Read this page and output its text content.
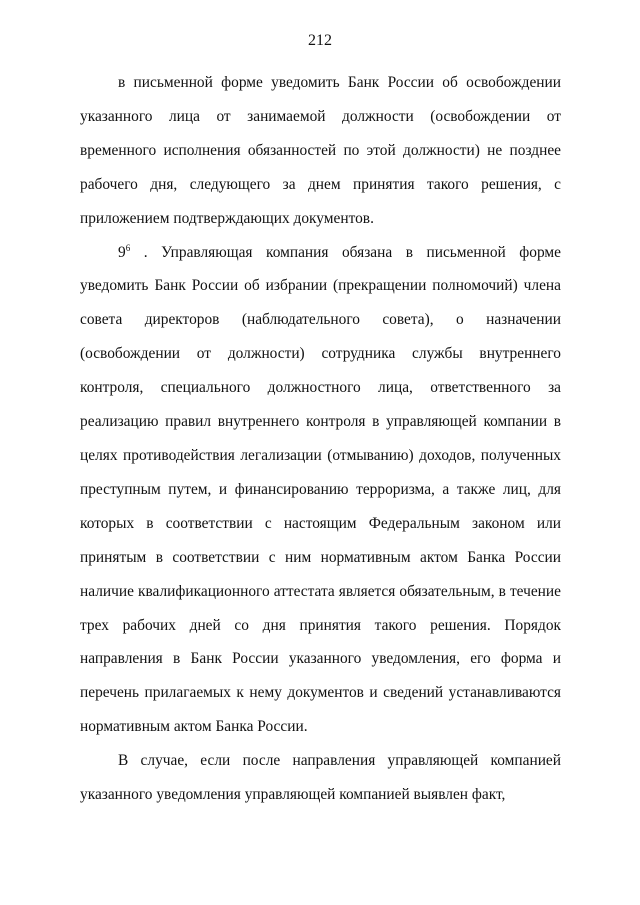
212

в письменной форме уведомить Банк России об освобождении указанного лица от занимаемой должности (освобождении от временного исполнения обязанностей по этой должности) не позднее рабочего дня, следующего за днем принятия такого решения, с приложением подтверждающих документов.

$9^6$ . Управляющая компания обязана в письменной форме уведомить Банк России об избрании (прекращении полномочий) члена совета директоров (наблюдательного совета), о назначении (освобождении от должности) сотрудника службы внутреннего контроля, специального должностного лица, ответственного за реализацию правил внутреннего контроля в управляющей компании в целях противодействия легализации (отмыванию) доходов, полученных преступным путем, и финансированию терроризма, а также лиц, для которых в соответствии с настоящим Федеральным законом или принятым в соответствии с ним нормативным актом Банка России наличие квалификационного аттестата является обязательным, в течение трех рабочих дней со дня принятия такого решения. Порядок направления в Банк России указанного уведомления, его форма и перечень прилагаемых к нему документов и сведений устанавливаются нормативным актом Банка России.

В случае, если после направления управляющей компанией указанного уведомления управляющей компанией выявлен факт,
